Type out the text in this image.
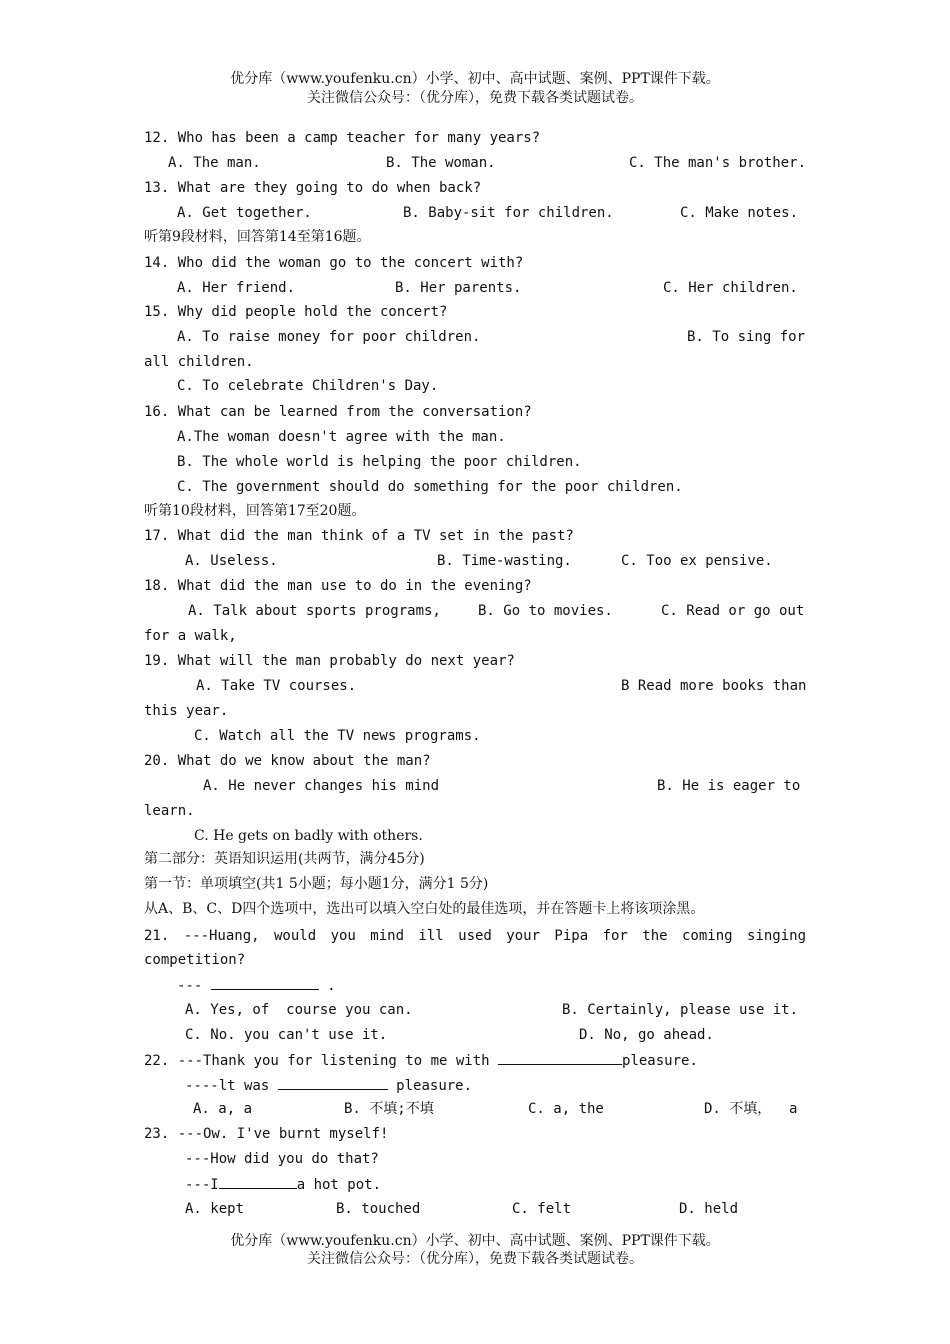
优分库（www.youfenku.cn）小学、初中、高中试题、案例、PPT课件下载。
关注微信公众号：（优分库），免费下载各类试题试卷。
12. Who has been a camp teacher for many years?
A. The man.	B. The woman.	C. The man's brother.
13. What are they going to do when back?
A. Get together.	B. Baby-sit for children.	C. Make notes.
听第9段材料，回答第14至第16题。
14. Who did the woman go to the concert with?
A. Her friend.	B. Her parents.	C. Her children.
15. Why did people hold the concert?
A. To raise money for poor children.	B. To sing for
all children.
C. To celebrate Children's Day.
16. What can be learned from the conversation?
A.The woman doesn't agree with the man.
B. The whole world is helping the poor children.
C. The government should do something for the poor children.
听第10段材料，回答第17至20题。
17. What did the man think of a TV set in the past?
A. Useless.	B. Time-wasting.	C. Too ex pensive.
18. What did the man use to do in the evening?
A. Talk about sports programs,	B. Go to movies.	C. Read or go out
for a walk,
19. What will the man probably do next year?
A. Take TV courses.	B Read more books than
this year.
C. Watch all the TV news programs.
20. What do we know about the man?
A. He never changes his mind	B. He is eager to
learn.
C. He gets on badly with others.
第二部分：英语知识运用(共两节，满分45分)
第一节：单项填空(共1 5小题；每小题1分，满分1 5分)
从A、B、C、D四个选项中，选出可以填入空白处的最佳选项，并在答题卡上将该项涂黑。
21. ---Huang, would you mind ill used your Pipa for the coming singing
competition?
---	.
A. Yes, of  course you can.	B. Certainly, please use it.
C. No. you can't use it.	D. No, go ahead.
22. ---Thank you for listening to me with	pleasure.
----lt was	pleasure.
A. a, a	B. 不填;不填	C. a, the	D. 不填， a
23. ---Ow. I've burnt myself!
---How did you do that?
---I	a hot pot.
A. kept	B. touched	C. felt	D. held
优分库（www.youfenku.cn）小学、初中、高中试题、案例、PPT课件下载。
关注微信公众号：（优分库），免费下载各类试题试卷。
